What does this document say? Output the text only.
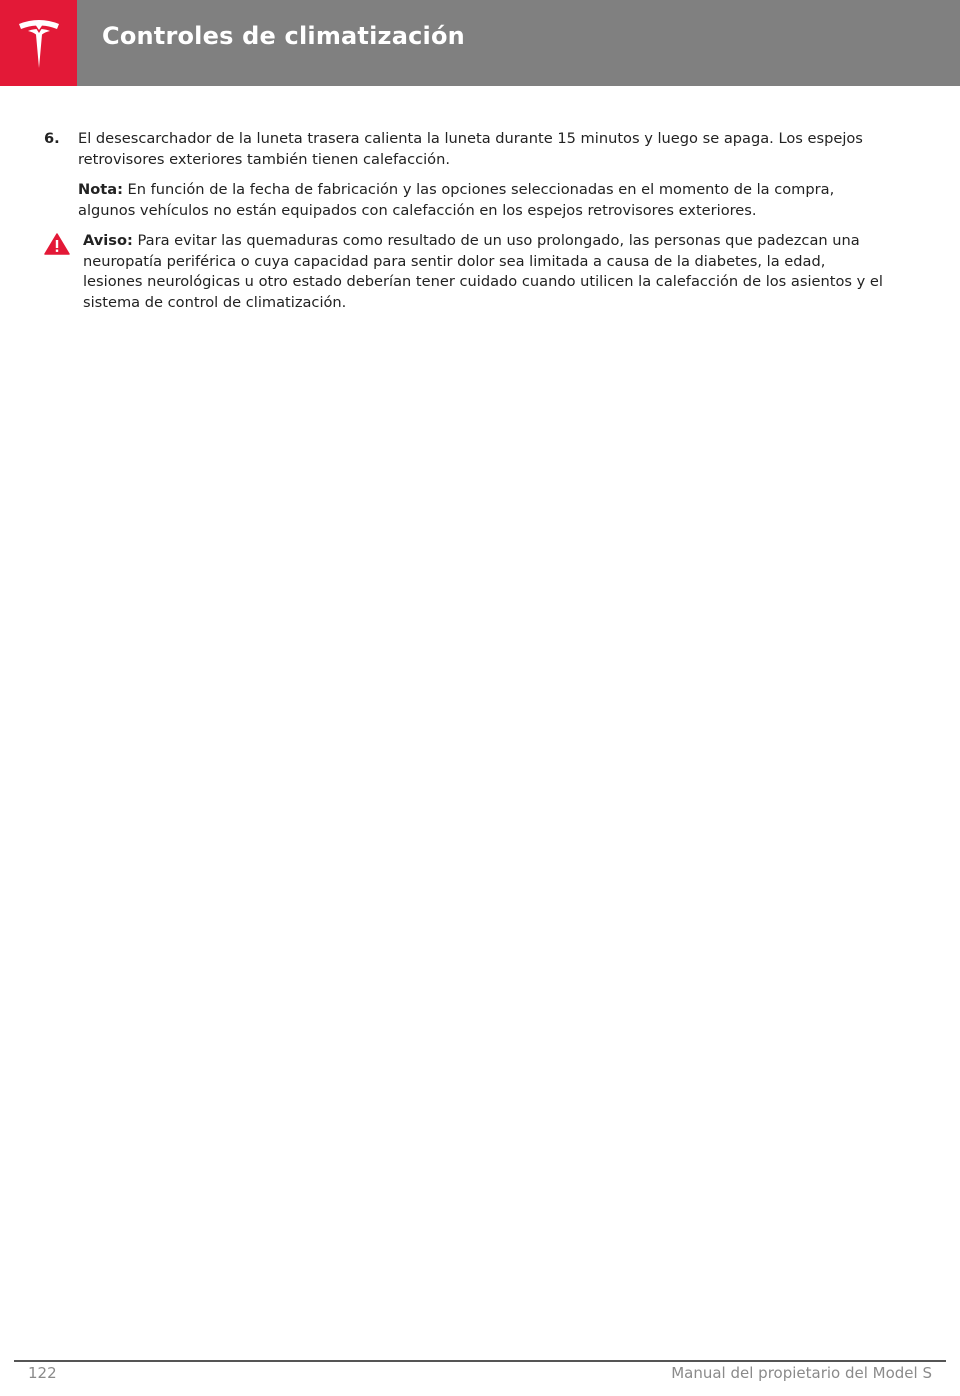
Controles de climatización
6. El desescarchador de la luneta trasera calienta la luneta durante 15 minutos y luego se apaga. Los espejos retrovisores exteriores también tienen calefacción.
Nota: En función de la fecha de fabricación y las opciones seleccionadas en el momento de la compra, algunos vehículos no están equipados con calefacción en los espejos retrovisores exteriores.
Aviso: Para evitar las quemaduras como resultado de un uso prolongado, las personas que padezcan una neuropatía periférica o cuya capacidad para sentir dolor sea limitada a causa de la diabetes, la edad, lesiones neurológicas u otro estado deberían tener cuidado cuando utilicen la calefacción de los asientos y el sistema de control de climatización.
122	Manual del propietario del Model S
